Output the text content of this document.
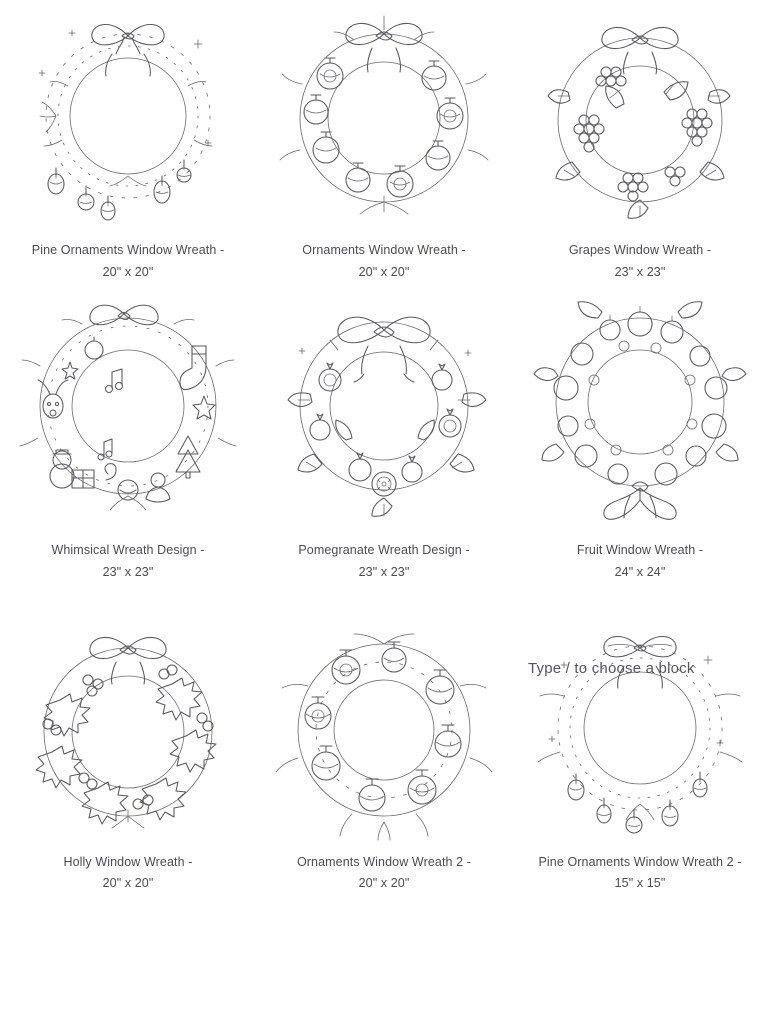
Pine Ornaments Window Wreath -
20" x 20"
Ornaments Window Wreath -
20" x 20"
Grapes Window Wreath -
23" x 23"
Whimsical Wreath Design -
23" x 23"
Pomegranate Wreath Design -
23" x 23"
Fruit Window Wreath -
24" x 24"
Type / to choose a block
Holly Window Wreath -
20" x 20"
Ornaments Window Wreath 2 -
20" x 20"
Pine Ornaments Window Wreath 2 -
15" x 15"
